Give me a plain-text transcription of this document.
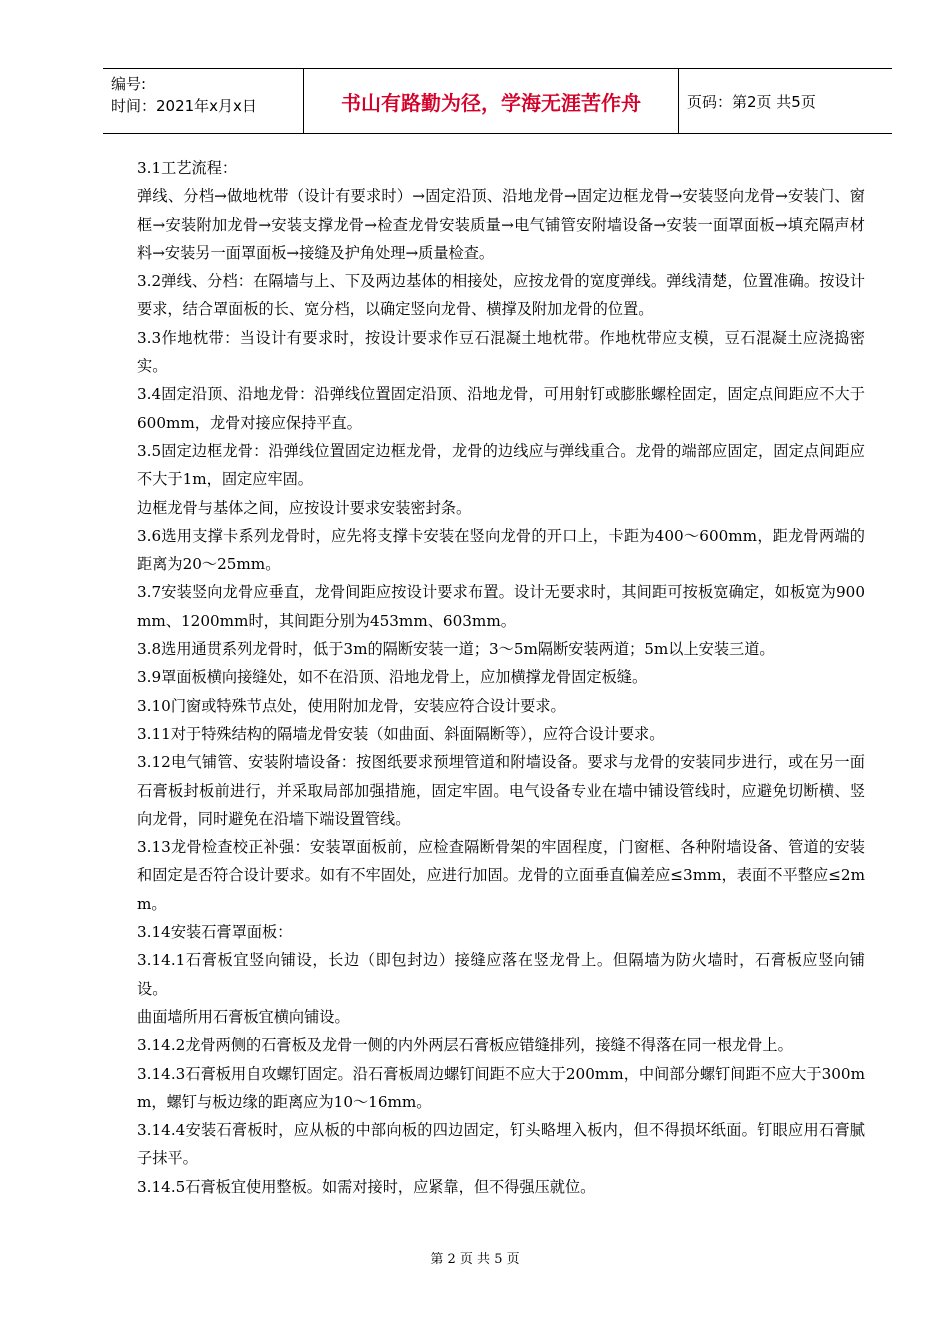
编号:
时间：2021年x月x日	书山有路勤为径，学海无涯苦作舟	页码：第2页 共5页

3.1工艺流程：

弹线、分档→做地枕带（设计有要求时）→固定沿顶、沿地龙骨→固定边框龙骨→安装竖向龙骨→安装门、窗框→安装附加龙骨→安装支撑龙骨→检查龙骨安装质量→电气铺管安附墙设备→安装一面罩面板→填充隔声材料→安装另一面罩面板→接缝及护角处理→质量检查。

3.2弹线、分档：在隔墙与上、下及两边基体的相接处，应按龙骨的宽度弹线。弹线清楚，位置准确。按设计要求，结合罩面板的长、宽分档，以确定竖向龙骨、横撑及附加龙骨的位置。

3.3作地枕带：当设计有要求时，按设计要求作豆石混凝土地枕带。作地枕带应支模，豆石混凝土应浇捣密实。

3.4固定沿顶、沿地龙骨：沿弹线位置固定沿顶、沿地龙骨，可用射钉或膨胀螺栓固定，固定点间距应不大于600mm，龙骨对接应保持平直。

3.5固定边框龙骨：沿弹线位置固定边框龙骨，龙骨的边线应与弹线重合。龙骨的端部应固定，固定点间距应不大于1m，固定应牢固。

边框龙骨与基体之间，应按设计要求安装密封条。

3.6选用支撑卡系列龙骨时，应先将支撑卡安装在竖向龙骨的开口上，卡距为400～600mm，距龙骨两端的距离为20～25mm。

3.7安装竖向龙骨应垂直，龙骨间距应按设计要求布置。设计无要求时，其间距可按板宽确定，如板宽为900mm、1200mm时，其间距分别为453mm、603mm。

3.8选用通贯系列龙骨时，低于3m的隔断安装一道；3～5m隔断安装两道；5m以上安装三道。

3.9罩面板横向接缝处，如不在沿顶、沿地龙骨上，应加横撑龙骨固定板缝。

3.10门窗或特殊节点处，使用附加龙骨，安装应符合设计要求。

3.11对于特殊结构的隔墙龙骨安装（如曲面、斜面隔断等），应符合设计要求。

3.12电气铺管、安装附墙设备：按图纸要求预埋管道和附墙设备。要求与龙骨的安装同步进行，或在另一面石膏板封板前进行，并采取局部加强措施，固定牢固。电气设备专业在墙中铺设管线时，应避免切断横、竖向龙骨，同时避免在沿墙下端设置管线。

3.13龙骨检查校正补强：安装罩面板前，应检查隔断骨架的牢固程度，门窗框、各种附墙设备、管道的安装和固定是否符合设计要求。如有不牢固处，应进行加固。龙骨的立面垂直偏差应≤3mm，表面不平整应≤2mm。

3.14安装石膏罩面板：

3.14.1石膏板宜竖向铺设，长边（即包封边）接缝应落在竖龙骨上。但隔墙为防火墙时，石膏板应竖向铺设。

曲面墙所用石膏板宜横向铺设。

3.14.2龙骨两侧的石膏板及龙骨一侧的内外两层石膏板应错缝排列，接缝不得落在同一根龙骨上。

3.14.3石膏板用自攻螺钉固定。沿石膏板周边螺钉间距不应大于200mm，中间部分螺钉间距不应大于300mm，螺钉与板边缘的距离应为10～16mm。

3.14.4安装石膏板时，应从板的中部向板的四边固定，钉头略埋入板内，但不得损坏纸面。钉眼应用石膏腻子抹平。

3.14.5石膏板宜使用整板。如需对接时，应紧靠，但不得强压就位。

第 2 页 共 5 页
